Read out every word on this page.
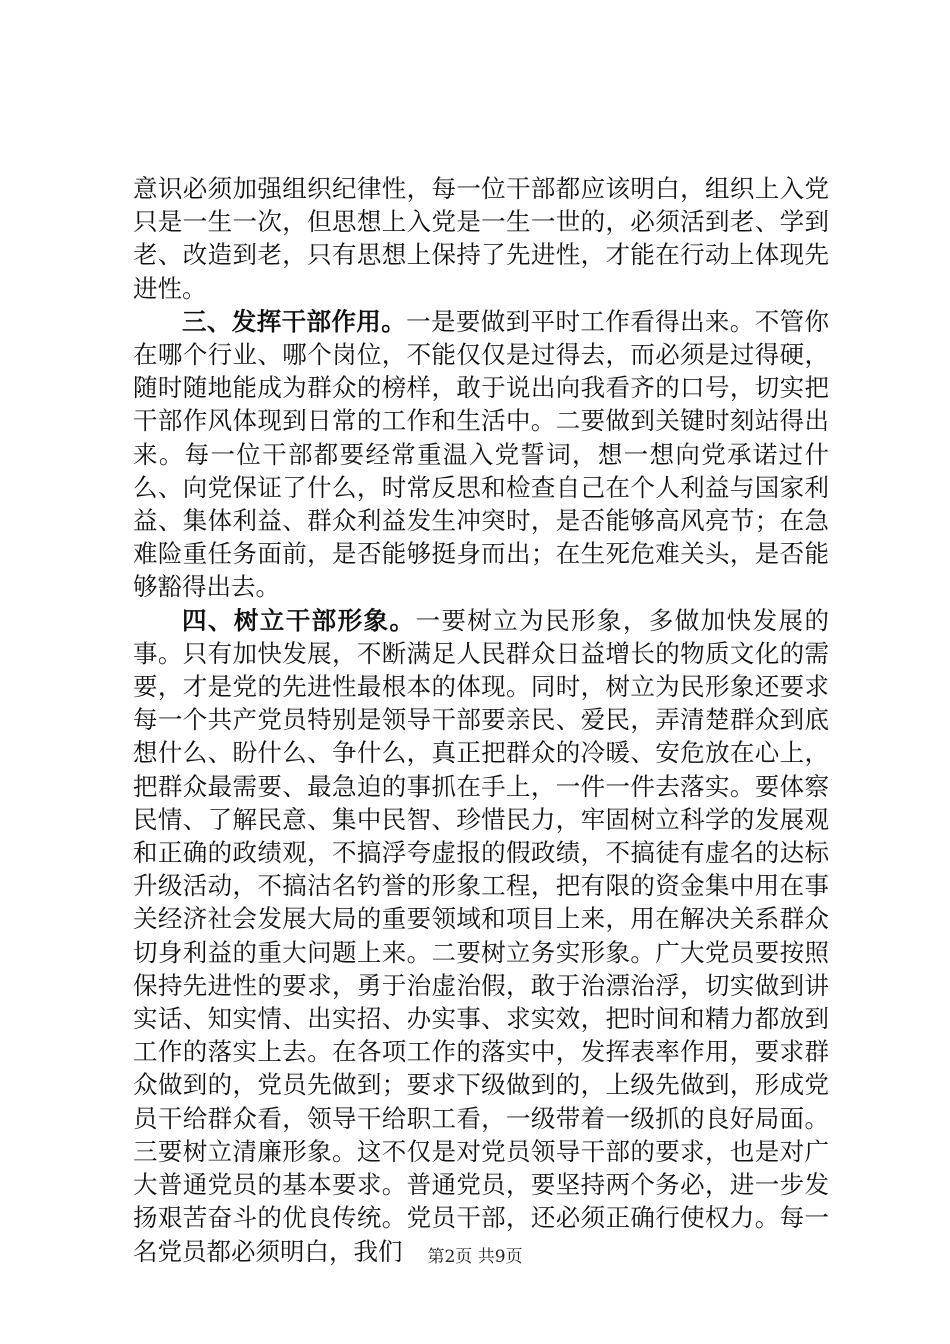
意识必须加强组织纪律性，每一位干部都应该明白，组织上入党只是一生一次，但思想上入党是一生一世的，必须活到老、学到老、改造到老，只有思想上保持了先进性，才能在行动上体现先进性。

三、发挥干部作用。一是要做到平时工作看得出来。不管你在哪个行业、哪个岗位，不能仅仅是过得去，而必须是过得硬，随时随地能成为群众的榜样，敢于说出向我看齐的口号，切实把干部作风体现到日常的工作和生活中。二要做到关键时刻站得出来。每一位干部都要经常重温入党誓词，想一想向党承诺过什么、向党保证了什么，时常反思和检查自己在个人利益与国家利益、集体利益、群众利益发生冲突时，是否能够高风亮节；在急难险重任务面前，是否能够挺身而出；在生死危难关头，是否能够豁得出去。

四、树立干部形象。一要树立为民形象，多做加快发展的事。只有加快发展，不断满足人民群众日益增长的物质文化的需要，才是党的先进性最根本的体现。同时，树立为民形象还要求每一个共产党员特别是领导干部要亲民、爱民，弄清楚群众到底想什么、盼什么、争什么，真正把群众的冷暖、安危放在心上，把群众最需要、最急迫的事抓在手上，一件一件去落实。要体察民情、了解民意、集中民智、珍惜民力，牢固树立科学的发展观和正确的政绩观，不搞浮夸虚报的假政绩，不搞徒有虚名的达标升级活动，不搞沽名钓誉的形象工程，把有限的资金集中用在事关经济社会发展大局的重要领域和项目上来，用在解决关系群众切身利益的重大问题上来。二要树立务实形象。广大党员要按照保持先进性的要求，勇于治虚治假，敢于治漂治浮，切实做到讲实话、知实情、出实招、办实事、求实效，把时间和精力都放到工作的落实上去。在各项工作的落实中，发挥表率作用，要求群众做到的，党员先做到；要求下级做到的，上级先做到，形成党员干给群众看，领导干给职工看，一级带着一级抓的良好局面。三要树立清廉形象。这不仅是对党员领导干部的要求，也是对广大普通党员的基本要求。普通党员，要坚持两个务必，进一步发扬艰苦奋斗的优良传统。党员干部，还必须正确行使权力。每一名党员都必须明白，我们	第2页 共9页
